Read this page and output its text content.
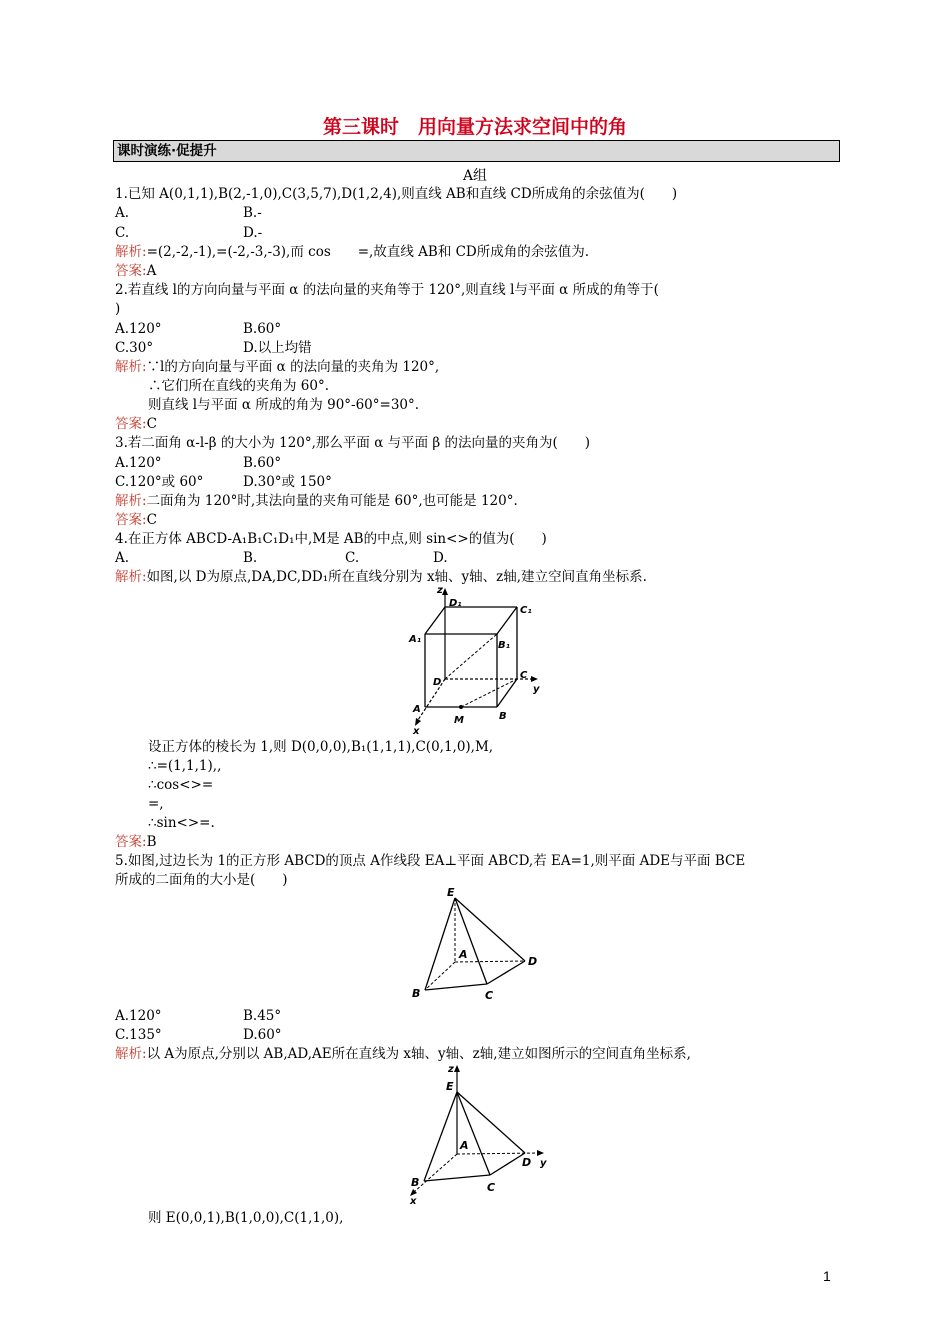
第三课时　用向量方法求空间中的角
课时演练·促提升
A组
1.已知 A(0,1,1),B(2,-1,0),C(3,5,7),D(1,2,4),则直线 AB和直线 CD所成角的余弦值为(　　)
A.	B.-
C.	D.-
解析:=(2,-2,-1),=(-2,-3,-3),而 cos　　=,故直线 AB和 CD所成角的余弦值为.
答案:A
2.若直线 l的方向向量与平面 α 的法向量的夹角等于 120°,则直线 l与平面 α 所成的角等于(
)
A.120°	B.60°
C.30°	D.以上均错
解析:∵l的方向向量与平面 α 的法向量的夹角为 120°,
∴它们所在直线的夹角为 60°.
则直线 l与平面 α 所成的角为 90°-60°=30°.
答案:C
3.若二面角 α-l-β 的大小为 120°,那么平面 α 与平面 β 的法向量的夹角为(　　)
A.120°	B.60°
C.120°或 60°	D.30°或 150°
解析:二面角为 120°时,其法向量的夹角可能是 60°,也可能是 120°.
答案:C
4.在正方体 ABCD-A₁B₁C₁D₁中,M是 AB的中点,则 sin<>的值为(　　)
A.	B.	C.	D.
解析:如图,以 D为原点,DA,DC,DD₁所在直线分别为 x轴、y轴、z轴,建立空间直角坐标系.
设正方体的棱长为 1,则 D(0,0,0),B₁(1,1,1),C(0,1,0),M,
∴=(1,1,1),,
∴cos<>=
=,
∴sin<>=.
答案:B
5.如图,过边长为 1的正方形 ABCD的顶点 A作线段 EA⊥平面 ABCD,若 EA=1,则平面 ADE与平面 BCE
所成的二面角的大小是(　　)
A.120°	B.45°
C.135°	D.60°
解析:以 A为原点,分别以 AB,AD,AE所在直线为 x轴、y轴、z轴,建立如图所示的空间直角坐标系,
则 E(0,0,1),B(1,0,0),C(1,1,0),
z
D₁
C₁
A₁
B₁
D
C
y
A
M	B
x
E
A
D
B	C
z
E
A
D y
B	C
x
1
